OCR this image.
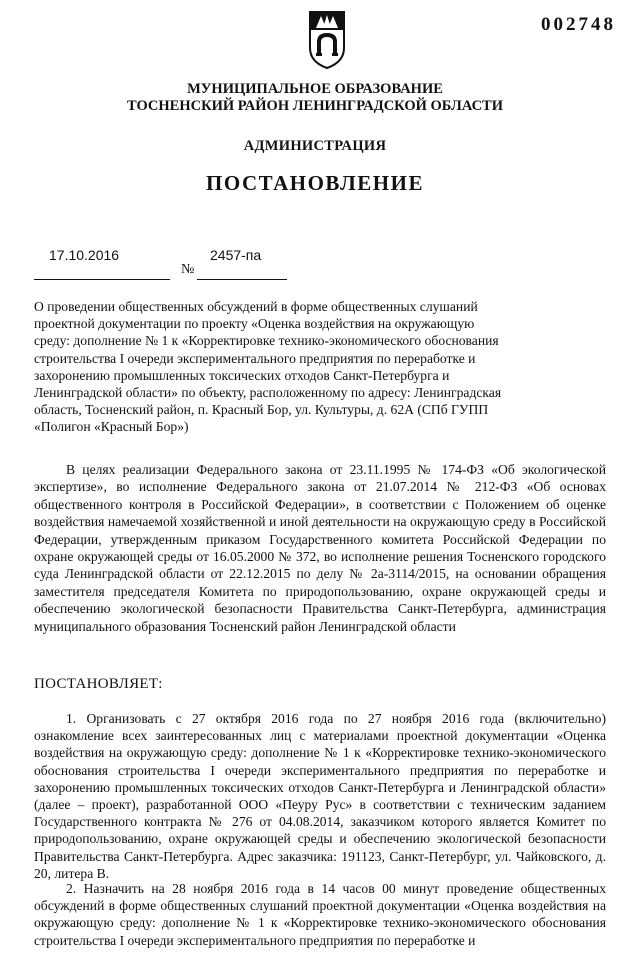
002748
МУНИЦИПАЛЬНОЕ ОБРАЗОВАНИЕ
ТОСНЕНСКИЙ РАЙОН ЛЕНИНГРАДСКОЙ ОБЛАСТИ
АДМИНИСТРАЦИЯ
ПОСТАНОВЛЕНИЕ
17.10.2016
№
2457-па
О проведении общественных обсуждений в форме общественных слушаний проектной документации по проекту «Оценка воздействия на окружающую среду: дополнение № 1 к «Корректировке технико-экономического обоснования строительства I очереди экспериментального предприятия по переработке и захоронению промышленных токсических отходов Санкт-Петербурга и Ленинградской области» по объекту, расположенному по адресу: Ленинградская область, Тосненский район, п. Красный Бор, ул. Культуры, д. 62А (СПб ГУПП «Полигон «Красный Бор»)
В целях реализации Федерального закона от 23.11.1995 № 174-ФЗ «Об экологической экспертизе», во исполнение Федерального закона от 21.07.2014 № 212-ФЗ «Об основах общественного контроля в Российской Федерации», в соответствии с Положением об оценке воздействия намечаемой хозяйственной и иной деятельности на окружающую среду в Российской Федерации, утвержденным приказом Государственного комитета Российской Федерации по охране окружающей среды от 16.05.2000 № 372, во исполнение решения Тосненского городского суда Ленинградской области от 22.12.2015 по делу № 2а-3114/2015, на основании обращения заместителя председателя Комитета по природопользованию, охране окружающей среды и обеспечению экологической безопасности Правительства Санкт-Петербурга, администрация муниципального образования Тосненский район Ленинградской области
ПОСТАНОВЛЯЕТ:
1. Организовать с 27 октября 2016 года по 27 ноября 2016 года (включительно) ознакомление всех заинтересованных лиц с материалами проектной документации «Оценка воздействия на окружающую среду: дополнение № 1 к «Корректировке технико-экономического обоснования строительства I очереди экспериментального предприятия по переработке и захоронению промышленных токсических отходов Санкт-Петербурга и Ленинградской области» (далее – проект), разработанной ООО «Пеуру Рус» в соответствии с техническим заданием Государственного контракта № 276 от 04.08.2014, заказчиком которого является Комитет по природопользованию, охране окружающей среды и обеспечению экологической безопасности Правительства Санкт-Петербурга. Адрес заказчика: 191123, Санкт-Петербург, ул. Чайковского, д. 20, литера В.
2. Назначить на 28 ноября 2016 года в 14 часов 00 минут проведение общественных обсуждений в форме общественных слушаний проектной документации «Оценка воздействия на окружающую среду: дополнение № 1 к «Корректировке технико-экономического обоснования строительства I очереди экспериментального предприятия по переработке и
